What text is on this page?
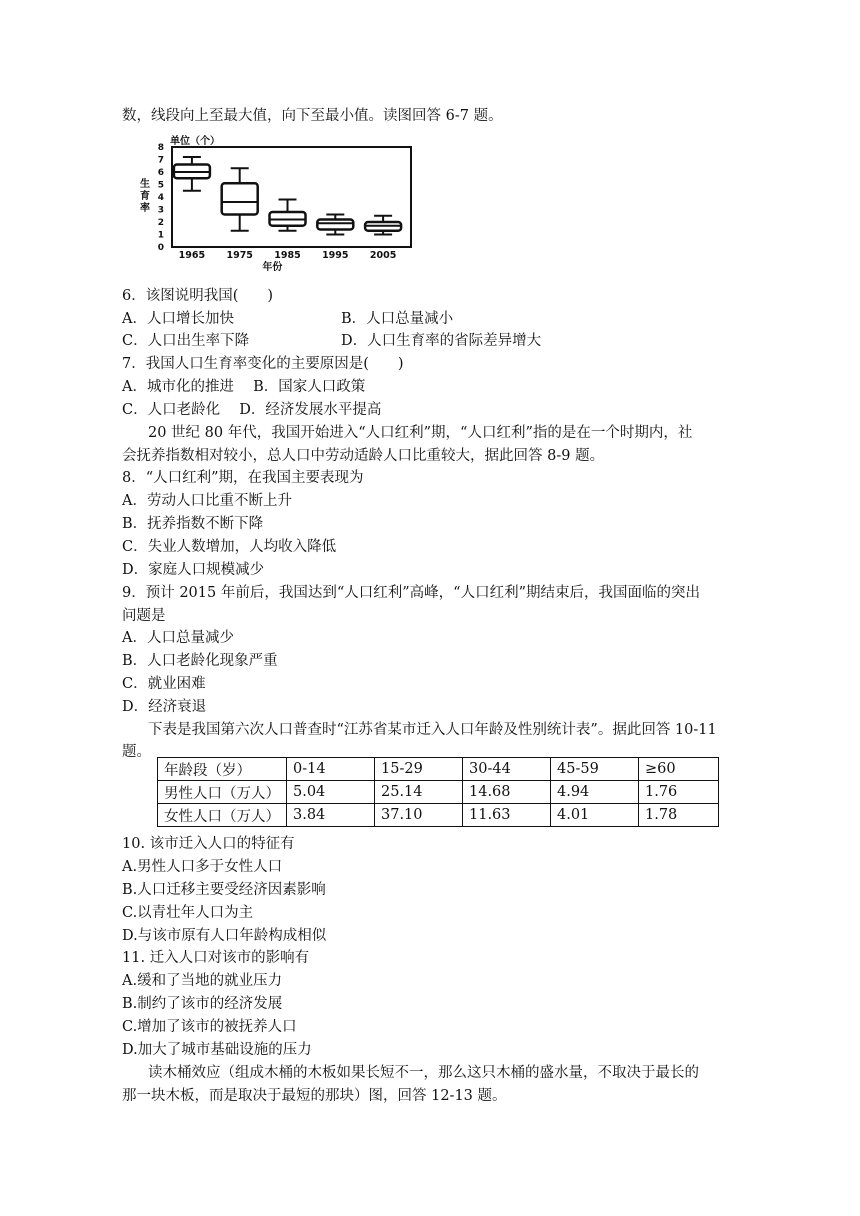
数，线段向上至最大值，向下至最小值。读图回答 6-7 题。
单位（个）
0
1
2
3
4
5
6
7
8
生
育
率
1965 1975 1985 1995 2005
年份
6．该图说明我国(　　)
A．人口增长加快	B．人口总量减小
C．人口出生率下降	D．人口生育率的省际差异增大
7．我国人口生育率变化的主要原因是(　　)
A．城市化的推进　 B．国家人口政策
C．人口老龄化　 D．经济发展水平提高
20 世纪 80 年代，我国开始进入“人口红利”期，“人口红利”指的是在一个时期内，社
会抚养指数相对较小，总人口中劳动适龄人口比重较大，据此回答 8-9 题。
8．“人口红利”期，在我国主要表现为
A．劳动人口比重不断上升
B．抚养指数不断下降
C．失业人数增加，人均收入降低
D．家庭人口规模减少
9．预计 2015 年前后，我国达到“人口红利”高峰，“人口红利”期结束后，我国面临的突出
问题是
A．人口总量减少
B．人口老龄化现象严重
C．就业困难
D．经济衰退
下表是我国第六次人口普查时“江苏省某市迁入人口年龄及性别统计表”。据此回答 10-11
题。
年龄段（岁）	0-14	15-29	30-44	45-59	≥60
男性人口（万人）	5.04	25.14	14.68	4.94	1.76
女性人口（万人）	3.84	37.10	11.63	4.01	1.78
10. 该市迁入人口的特征有
A.男性人口多于女性人口
B.人口迁移主要受经济因素影响
C.以青壮年人口为主
D.与该市原有人口年龄构成相似
11. 迁入人口对该市的影响有
A.缓和了当地的就业压力
B.制约了该市的经济发展
C.增加了该市的被抚养人口
D.加大了城市基础设施的压力
读木桶效应（组成木桶的木板如果长短不一，那么这只木桶的盛水量，不取决于最长的
那一块木板，而是取决于最短的那块）图，回答 12-13 题。
